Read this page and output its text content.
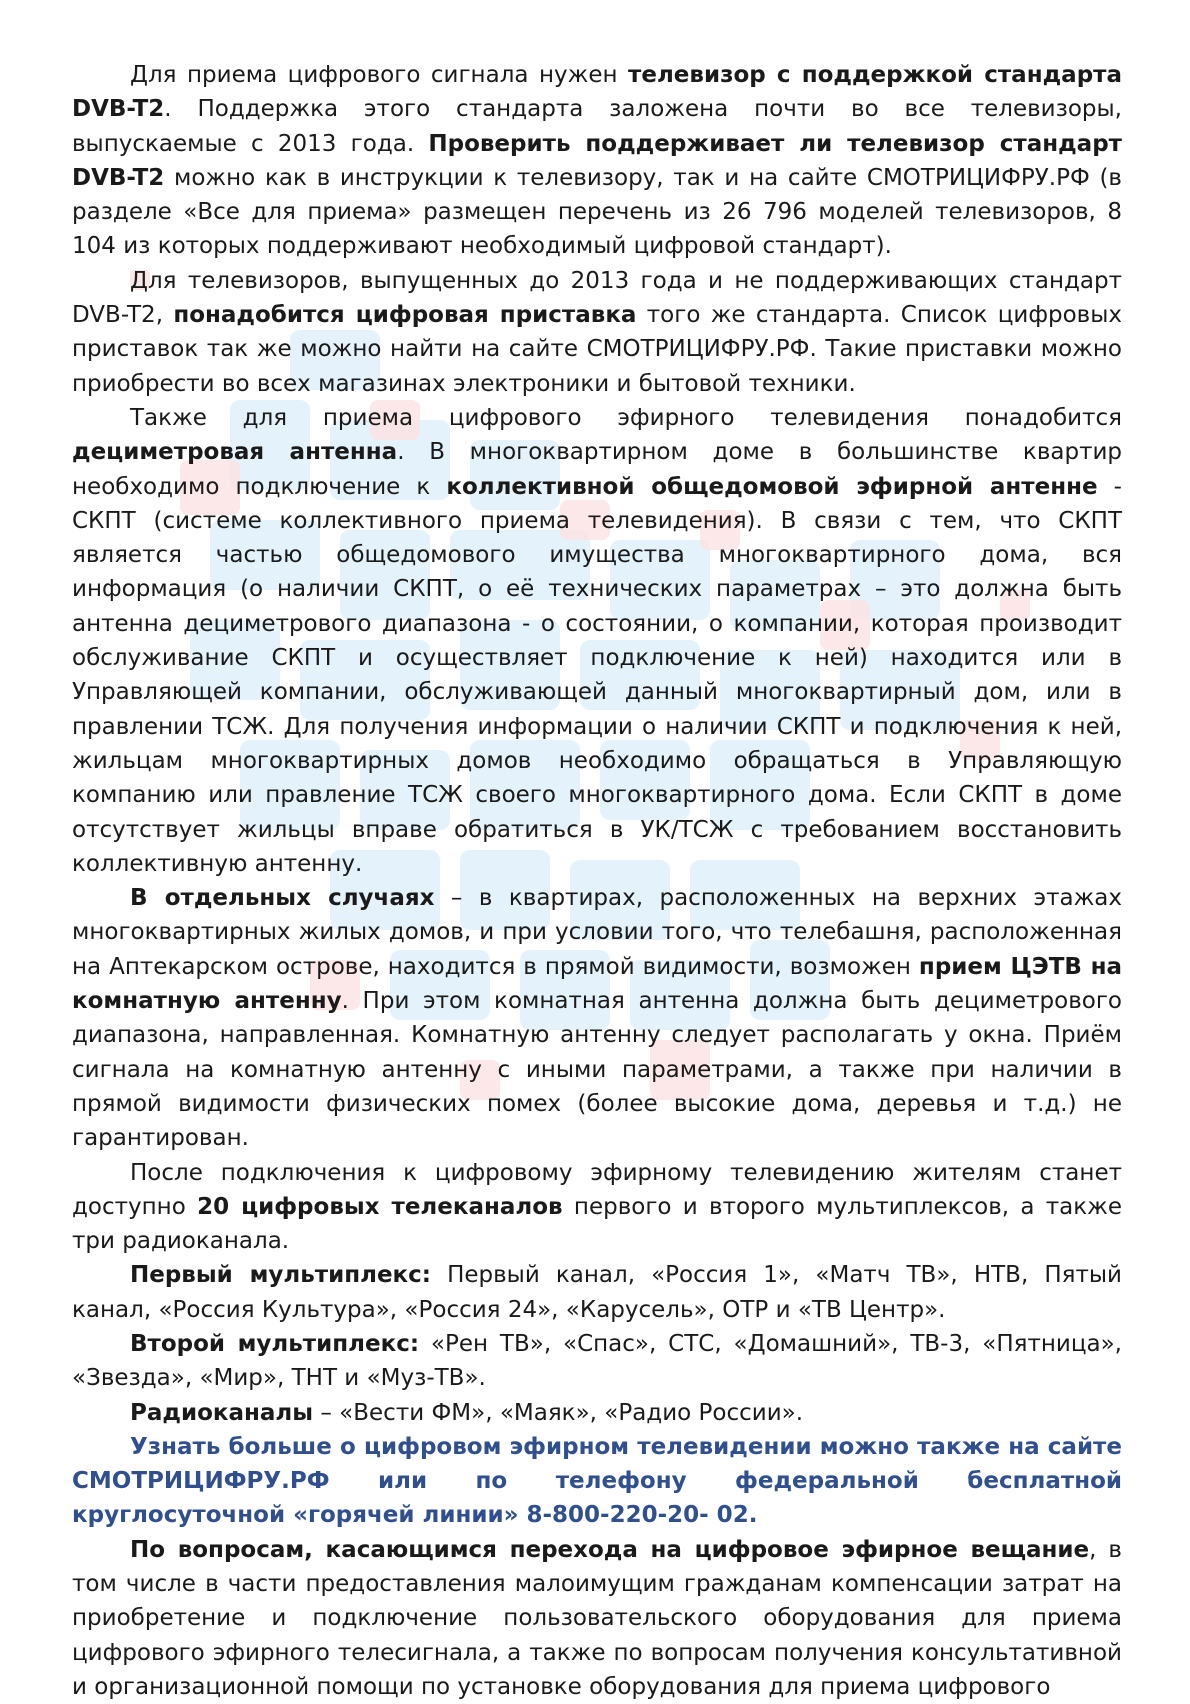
Для приема цифрового сигнала нужен телевизор с поддержкой стандарта DVB-T2. Поддержка этого стандарта заложена почти во все телевизоры, выпускаемые с 2013 года. Проверить поддерживает ли телевизор стандарт DVB-T2 можно как в инструкции к телевизору, так и на сайте СМОТРИЦИФРУ.РФ (в разделе «Все для приема» размещен перечень из 26 796 моделей телевизоров, 8 104 из которых поддерживают необходимый цифровой стандарт).

Для телевизоров, выпущенных до 2013 года и не поддерживающих стандарт DVB-T2, понадобится цифровая приставка того же стандарта. Список цифровых приставок так же можно найти на сайте СМОТРИЦИФРУ.РФ. Такие приставки можно приобрести во всех магазинах электроники и бытовой техники.

Также для приема цифрового эфирного телевидения понадобится дециметровая антенна. В многоквартирном доме в большинстве квартир необходимо подключение к коллективной общедомовой эфирной антенне - СКПТ (системе коллективного приема телевидения). В связи с тем, что СКПТ является частью общедомового имущества многоквартирного дома, вся информация (о наличии СКПТ, о её технических параметрах – это должна быть антенна дециметрового диапазона - о состоянии, о компании, которая производит обслуживание СКПТ и осуществляет подключение к ней) находится или в Управляющей компании, обслуживающей данный многоквартирный дом, или в правлении ТСЖ. Для получения информации о наличии СКПТ и подключения к ней, жильцам многоквартирных домов необходимо обращаться в Управляющую компанию или правление ТСЖ своего многоквартирного дома. Если СКПТ в доме отсутствует жильцы вправе обратиться в УК/ТСЖ с требованием восстановить коллективную антенну.

В отдельных случаях – в квартирах, расположенных на верхних этажах многоквартирных жилых домов, и при условии того, что телебашня, расположенная на Аптекарском острове, находится в прямой видимости, возможен прием ЦЭТВ на комнатную антенну. При этом комнатная антенна должна быть дециметрового диапазона, направленная. Комнатную антенну следует располагать у окна. Приём сигнала на комнатную антенну с иными параметрами, а также при наличии в прямой видимости физических помех (более высокие дома, деревья и т.д.) не гарантирован.

После подключения к цифровому эфирному телевидению жителям станет доступно 20 цифровых телеканалов первого и второго мультиплексов, а также три радиоканала.

Первый мультиплекс: Первый канал, «Россия 1», «Матч ТВ», НТВ, Пятый канал, «Россия Культура», «Россия 24», «Карусель», ОТР и «ТВ Центр».

Второй мультиплекс: «Рен ТВ», «Спас», СТС, «Домашний», ТВ-3, «Пятница», «Звезда», «Мир», ТНТ и «Муз-ТВ».

Радиоканалы – «Вести ФМ», «Маяк», «Радио России».

Узнать больше о цифровом эфирном телевидении можно также на сайте СМОТРИЦИФРУ.РФ или по телефону федеральной бесплатной круглосуточной «горячей линии» 8-800-220-20- 02.

По вопросам, касающимся перехода на цифровое эфирное вещание, в том числе в части предоставления малоимущим гражданам компенсации затрат на приобретение и подключение пользовательского оборудования для приема цифрового эфирного телесигнала, а также по вопросам получения консультативной и организационной помощи по установке оборудования для приема цифрового
